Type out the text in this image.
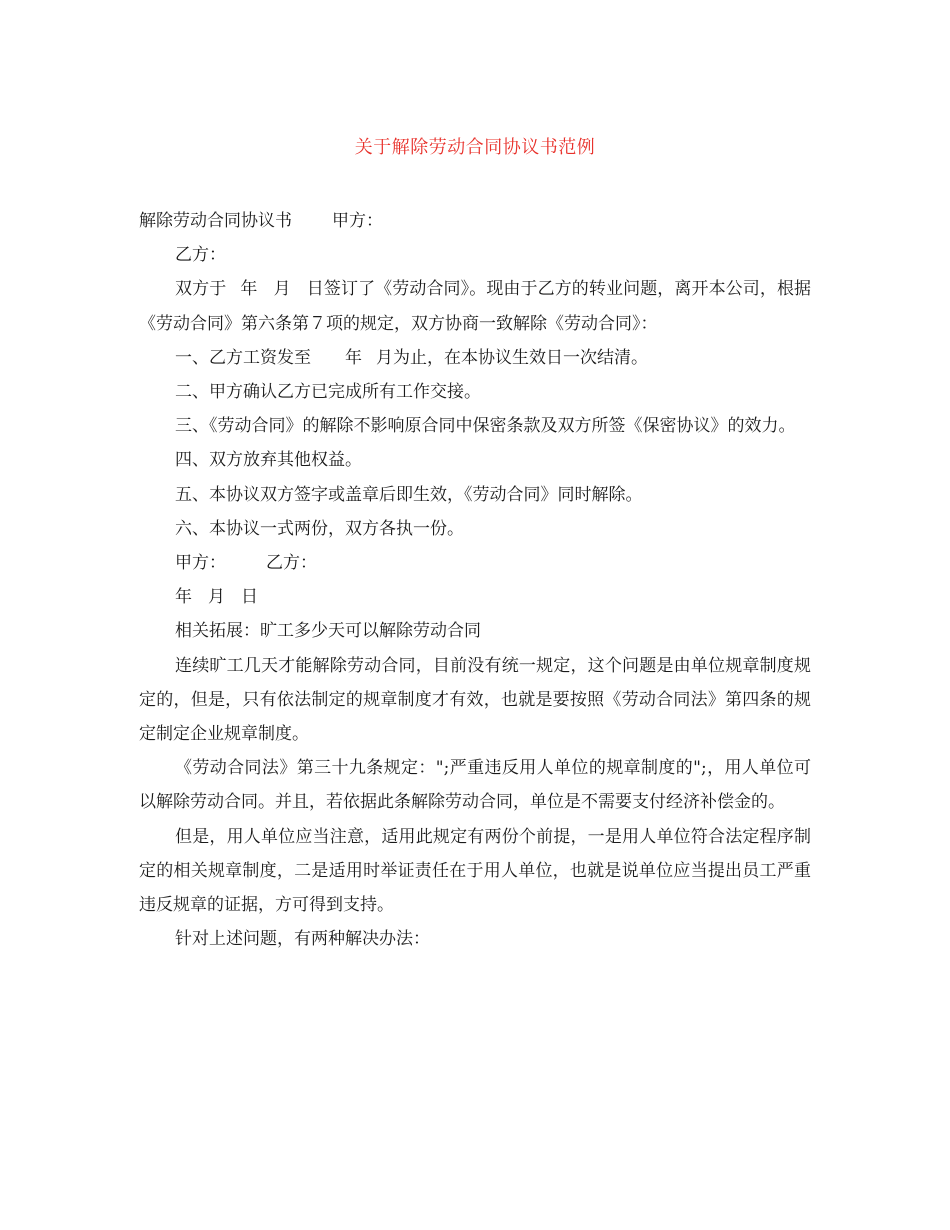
关于解除劳动合同协议书范例

解除劳动合同协议书 甲方：

乙方：

双方于 年 月 日签订了《劳动合同》。现由于乙方的转业问题，离开本公司，根据《劳动合同》第六条第７项的规定，双方协商一致解除《劳动合同》：

一、乙方工资发至 年 月为止，在本协议生效日一次结清。

二、甲方确认乙方已完成所有工作交接。

三、《劳动合同》的解除不影响原合同中保密条款及双方所签《保密协议》的效力。

四、双方放弃其他权益。

五、本协议双方签字或盖章后即生效，《劳动合同》同时解除。

六、本协议一式两份，双方各执一份。

甲方： 乙方：

年 月 日

相关拓展：旷工多少天可以解除劳动合同

连续旷工几天才能解除劳动合同，目前没有统一规定，这个问题是由单位规章制度规定的，但是，只有依法制定的规章制度才有效，也就是要按照《劳动合同法》第四条的规定制定企业规章制度。

《劳动合同法》第三十九条规定：";严重违反用人单位的规章制度的";，用人单位可以解除劳动合同。并且，若依据此条解除劳动合同，单位是不需要支付经济补偿金的。

但是，用人单位应当注意，适用此规定有两份个前提，一是用人单位符合法定程序制定的相关规章制度，二是适用时举证责任在于用人单位，也就是说单位应当提出员工严重违反规章的证据，方可得到支持。

针对上述问题，有两种解决办法：
